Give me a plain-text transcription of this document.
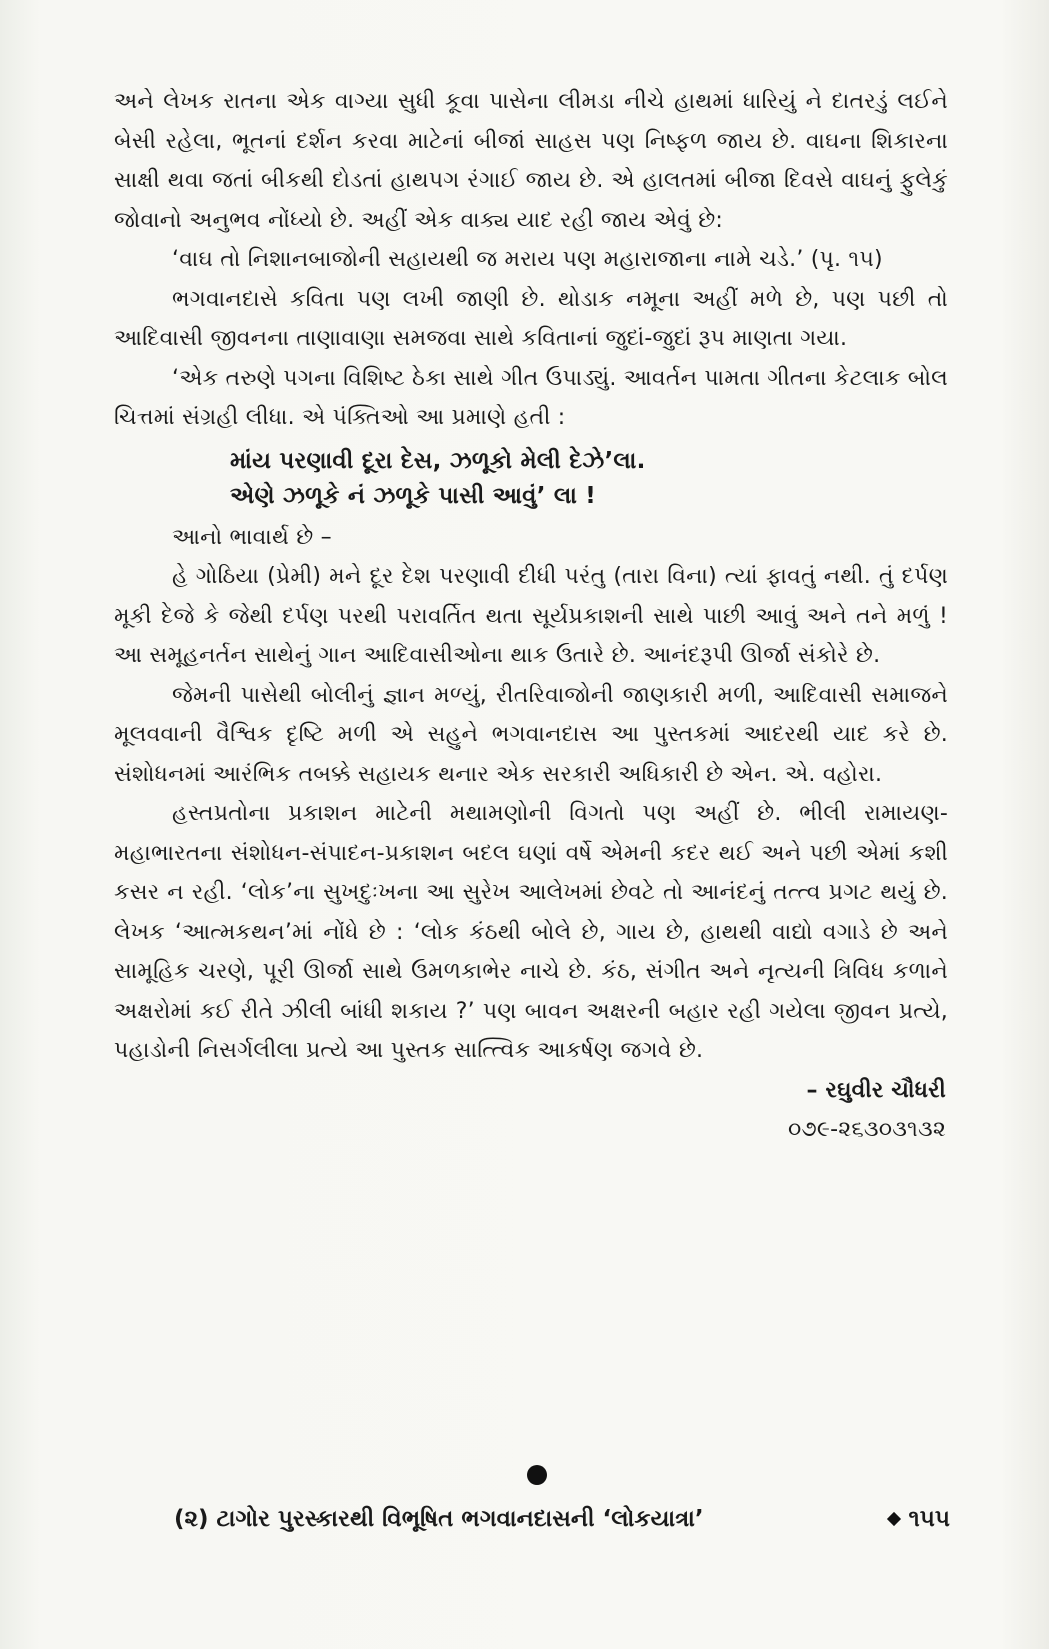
અને લેખક રાતના એક વાગ્યા સુધી કૂવા પાસેના લીમડા નીચે હાથમાં ધારિયું ને દાતરડું લઈને બેસી રહેલા, ભૂતનાં દર્શન કરવા માટેનાં બીજાં સાહસ પણ નિષ્ફળ જાય છે. વાઘના શિકારના સાક્ષી થવા જતાં બીકથી દોડતાં હાથપગ રંગાઈ જાય છે. એ હાલતમાં બીજા દિવસે વાઘનું ફુલેકું જોવાનો અનુભવ નોંધ્યો છે. અહીં એક વાક્ય યાદ રહી જાય એવું છે:

‘વાઘ તો નિશાનબાજોની સહાયથી જ મરાય પણ મહારાજાના નામે ચડે.’ (પૃ. ૧૫)

ભગવાનદાસે કવિતા પણ લખી જાણી છે. થોડાક નમૂના અહીં મળે છે, પણ પછી તો આદિવાસી જીવનના તાણાવાણા સમજવા સાથે કવિતાનાં જુદાં-જુદાં રૂપ માણતા ગયા.

‘એક તરુણે પગના વિશિષ્ટ ઠેકા સાથે ગીત ઉપાડ્યું. આવર્તન પામતા ગીતના કેટલાક બોલ ચિત્તમાં સંગ્રહી લીધા. એ પંક્તિઓ આ પ્રમાણે હતી :

માંય પરણાવી દૂરા દેસ, ઝળૂકો મેલી દેઝે’લા.
એણે ઝળૂકે નં ઝળૂકે પાસી આવું’ લા !

આનો ભાવાર્થ છે –

હે ગોઠિયા (પ્રેમી) મને દૂર દેશ પરણાવી દીધી પરંતુ (તારા વિના) ત્યાં ફાવતું નથી. તું દર્પણ મૂકી દેજે કે જેથી દર્પણ પરથી પરાવર્તિત થતા સૂર્યપ્રકાશની સાથે પાછી આવું અને તને મળું ! આ સમૂહનર્તન સાથેનું ગાન આદિવાસીઓના થાક ઉતારે છે. આનંદરૂપી ઊર્જા સંકોરે છે.

જેમની પાસેથી બોલીનું જ્ઞાન મળ્યું, રીતરિવાજોની જાણકારી મળી, આદિવાસી સમાજને મૂલવવાની વૈશ્વિક દૃષ્ટિ મળી એ સહુને ભગવાનદાસ આ પુસ્તકમાં આદરથી યાદ કરે છે. સંશોધનમાં આરંભિક તબક્કે સહાયક થનાર એક સરકારી અધિકારી છે એન. એ. વહોરા.

હસ્તપ્રતોના પ્રકાશન માટેની મથામણોની વિગતો પણ અહીં છે. ભીલી રામાયણ-મહાભારતના સંશોધન-સંપાદન-પ્રકાશન બદલ ઘણાં વર્ષે એમની કદર થઈ અને પછી એમાં કશી કસર ન રહી. ‘લોક’ના સુખદુઃખના આ સુરેખ આલેખમાં છેવટે તો આનંદનું તત્ત્વ પ્રગટ થયું છે. લેખક ‘આત્મકથન’માં નોંધે છે : ‘લોક કંઠથી બોલે છે, ગાય છે, હાથથી વાદ્યો વગાડે છે અને સામૂહિક ચરણે, પૂરી ઊર્જા સાથે ઉમળકાભેર નાચે છે. કંઠ, સંગીત અને નૃત્યની ત્રિવિધ કળાને અક્ષરોમાં કઈ રીતે ઝીલી બાંધી શકાય ?’ પણ બાવન અક્ષરની બહાર રહી ગયેલા જીવન પ્રત્યે, પહાડોની નિસર્ગલીલા પ્રત્યે આ પુસ્તક સાત્ત્વિક આકર્ષણ જગવે છે.

– રઘુવીર ચૌધરી

૦૭૯-૨૬૩૦૩૧૩૨

(૨) ટાગોર પુરસ્કારથી વિભૂષિત ભગવાનદાસની ‘લોકયાત્રા’	૧૫૫
